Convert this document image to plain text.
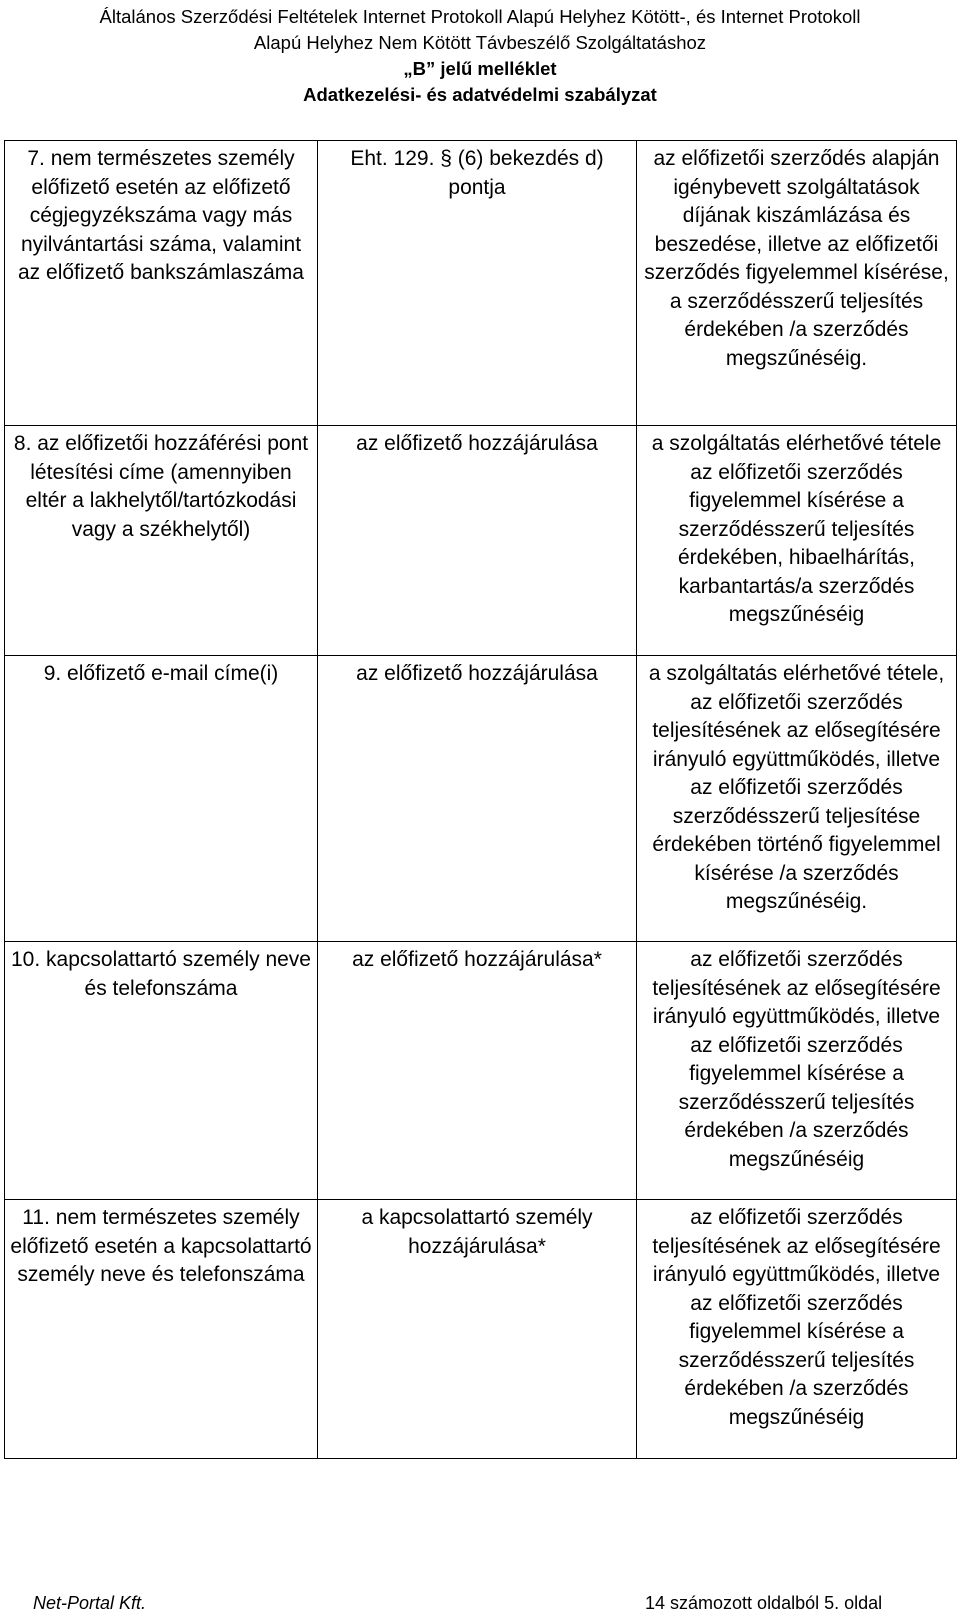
Általános Szerződési Feltételek Internet Protokoll Alapú Helyhez Kötött-, és Internet Protokoll
Alapú Helyhez Nem Kötött Távbeszélő Szolgáltatáshoz
„B” jelű melléklet
Adatkezelési- és adatvédelmi szabályzat
7. nem természetes személy előfizető esetén az előfizető cégjegyzékszáma vagy más nyilvántartási száma, valamint az előfizető bankszámlaszáma	Eht. 129. § (6) bekezdés d) pontja	az előfizetői szerződés alapján igénybevett szolgáltatások díjának kiszámlázása és beszedése, illetve az előfizetői szerződés figyelemmel kísérése, a szerződésszerű teljesítés érdekében /a szerződés megszűnéséig.

8. az előfizetői hozzáférési pont létesítési címe (amennyiben eltér a lakhelytől/tartózkodási vagy a székhelytől)	az előfizető hozzájárulása	a szolgáltatás elérhetővé tétele az előfizetői szerződés figyelemmel kísérése a szerződésszerű teljesítés érdekében, hibaelhárítás, karbantartás/a szerződés megszűnéséig

9. előfizető e-mail címe(i)	az előfizető hozzájárulása	a szolgáltatás elérhetővé tétele, az előfizetői szerződés teljesítésének az elősegítésére irányuló együttműködés, illetve az előfizetői szerződés szerződésszerű teljesítése érdekében történő figyelemmel kísérése /a szerződés megszűnéséig.

10. kapcsolattartó személy neve és telefonszáma	az előfizető hozzájárulása*	az előfizetői szerződés teljesítésének az elősegítésére irányuló együttműködés, illetve az előfizetői szerződés figyelemmel kísérése a szerződésszerű teljesítés érdekében /a szerződés megszűnéséig

11. nem természetes személy előfizető esetén a kapcsolattartó személy neve és telefonszáma	a kapcsolattartó személy hozzájárulása*	az előfizetői szerződés teljesítésének az elősegítésére irányuló együttműködés, illetve az előfizetői szerződés figyelemmel kísérése a szerződésszerű teljesítés érdekében /a szerződés megszűnéséig
Net-Portal Kft.	14 számozott oldalból 5. oldal
